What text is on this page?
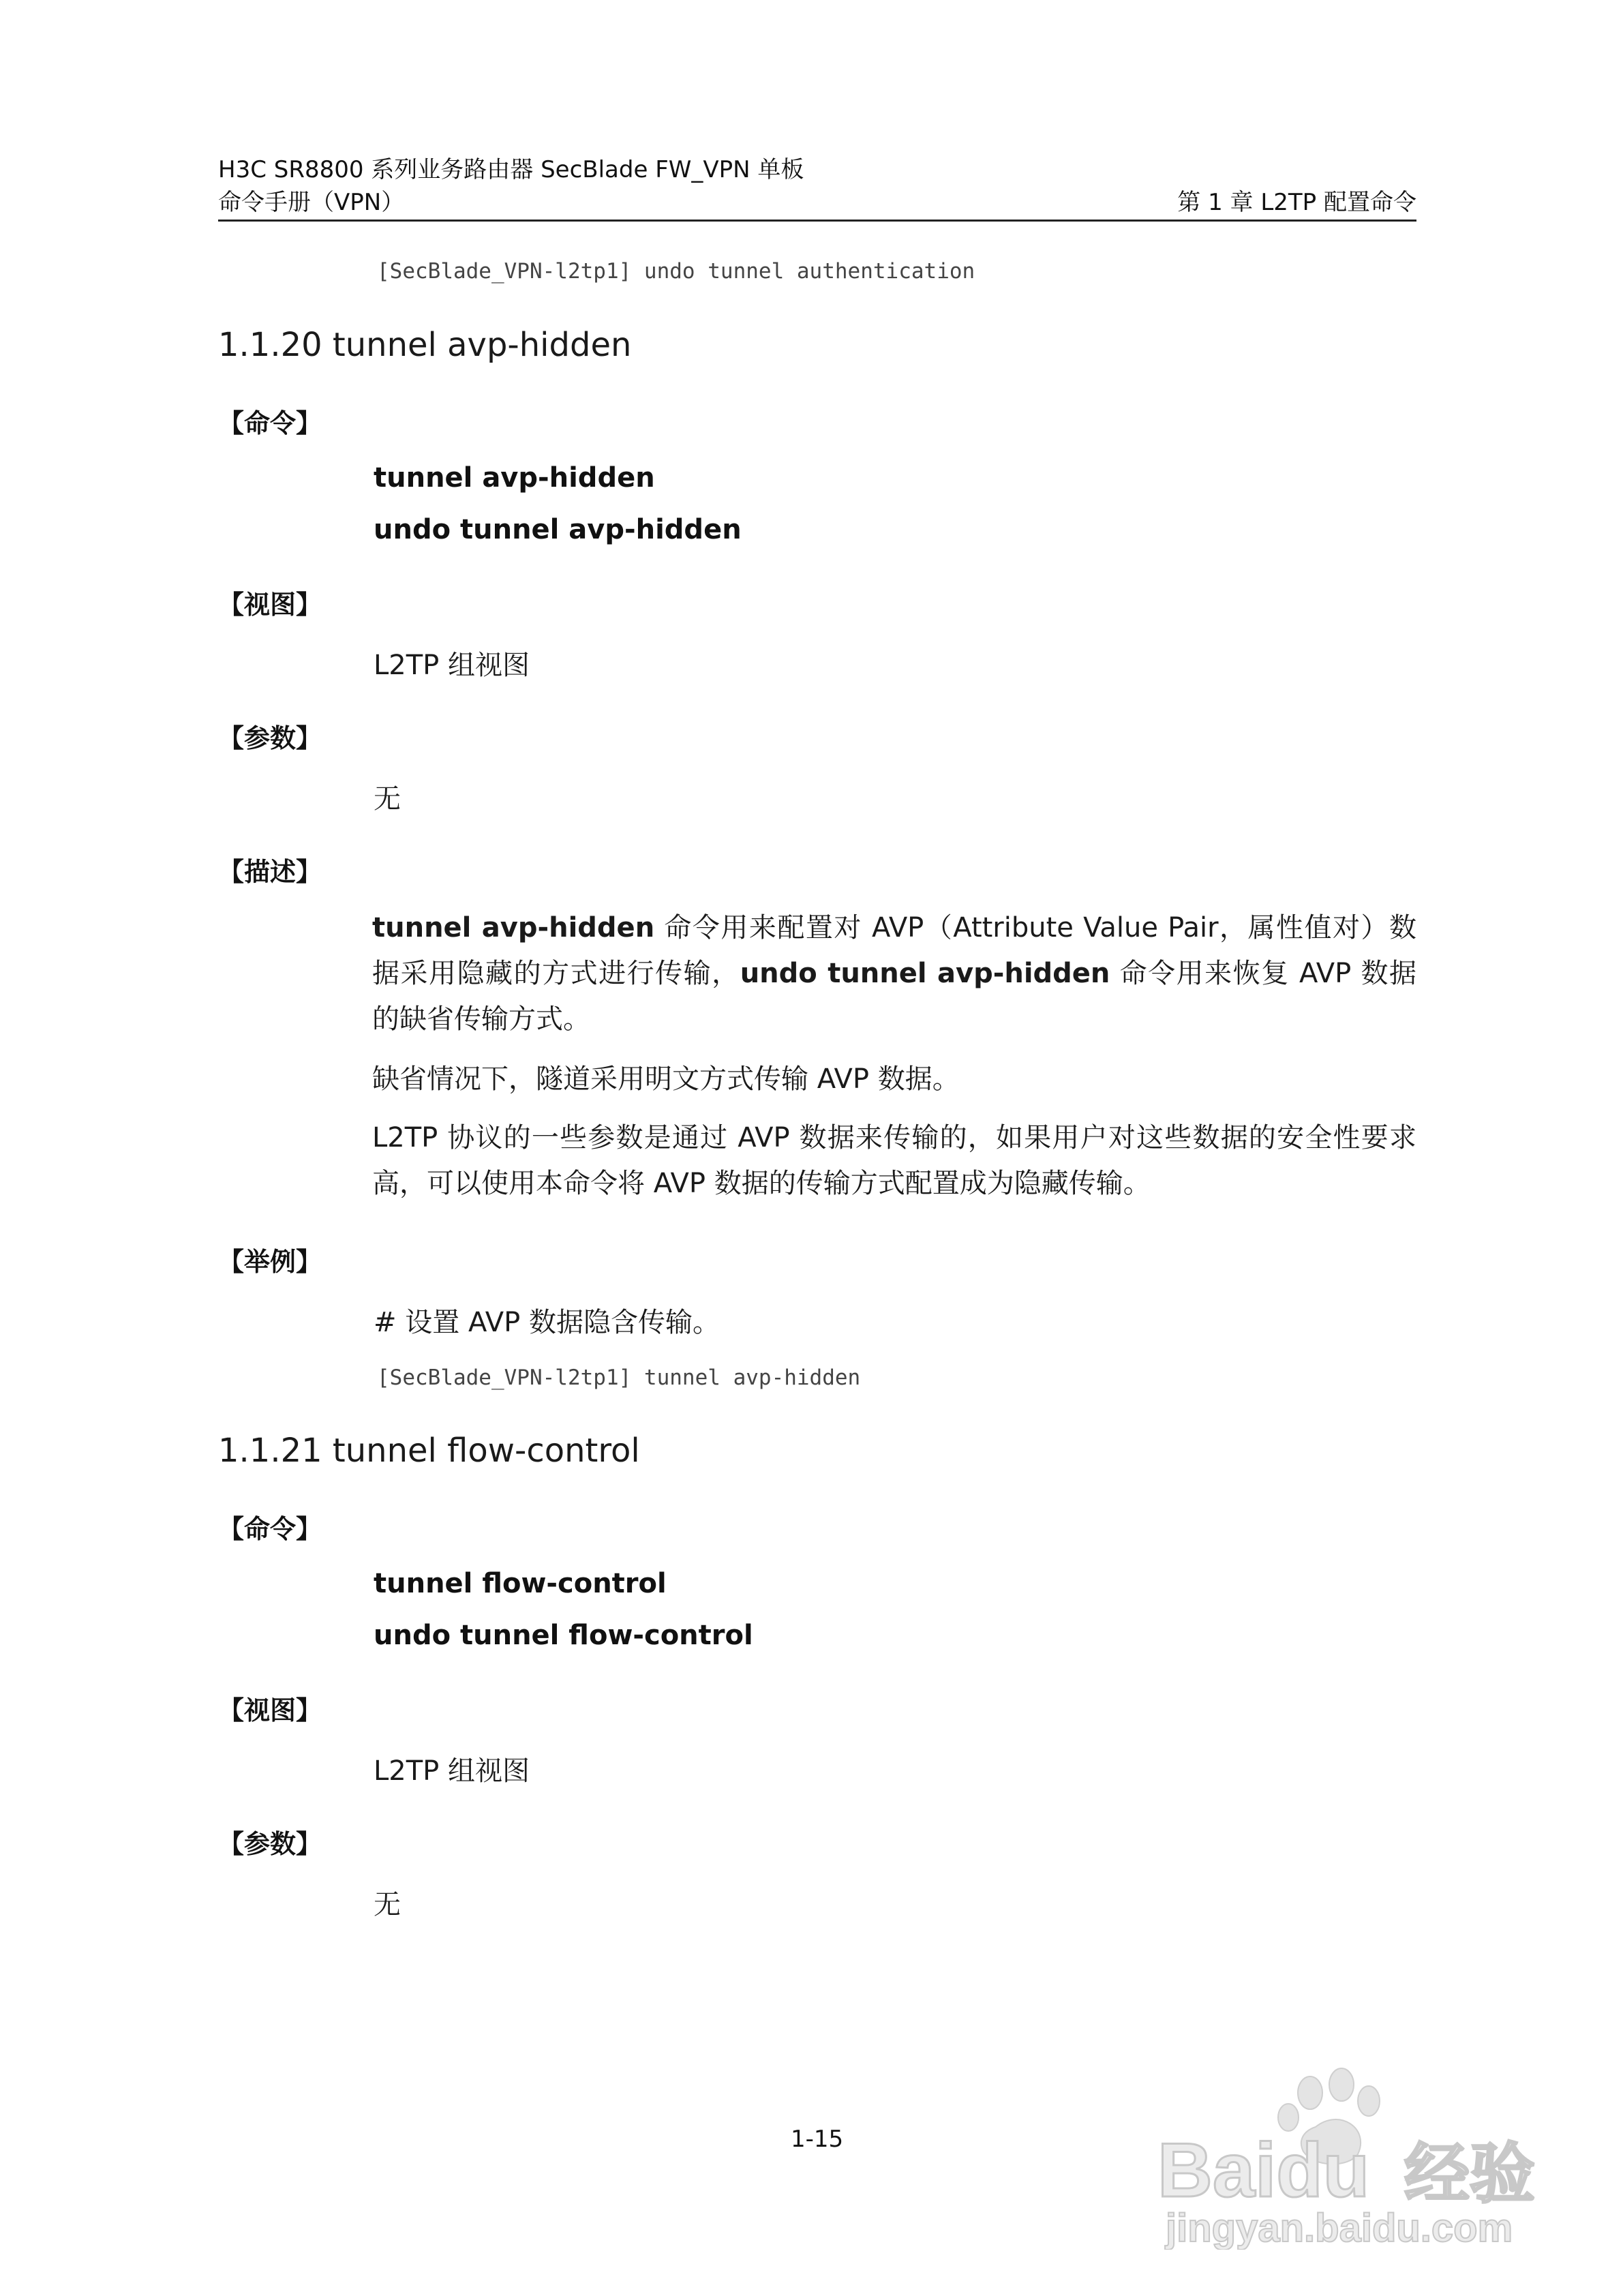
H3C SR8800 系列业务路由器 SecBlade FW_VPN 单板
命令手册（VPN）	第 1 章 L2TP 配置命令
[SecBlade_VPN-l2tp1] undo tunnel authentication
1.1.20 tunnel avp-hidden
【命令】
tunnel avp-hidden
undo tunnel avp-hidden
【视图】
L2TP 组视图
【参数】
无
【描述】
tunnel avp-hidden 命令用来配置对 AVP（Attribute Value Pair，属性值对）数据采用隐藏的方式进行传输，undo tunnel avp-hidden 命令用来恢复 AVP 数据的缺省传输方式。
缺省情况下，隧道采用明文方式传输 AVP 数据。
L2TP 协议的一些参数是通过 AVP 数据来传输的，如果用户对这些数据的安全性要求高，可以使用本命令将 AVP 数据的传输方式配置成为隐藏传输。
【举例】
# 设置 AVP 数据隐含传输。
[SecBlade_VPN-l2tp1] tunnel avp-hidden
1.1.21 tunnel flow-control
【命令】
tunnel flow-control
undo tunnel flow-control
【视图】
L2TP 组视图
【参数】
无
1-15	Baidu 经验
jingyan.baidu.com
